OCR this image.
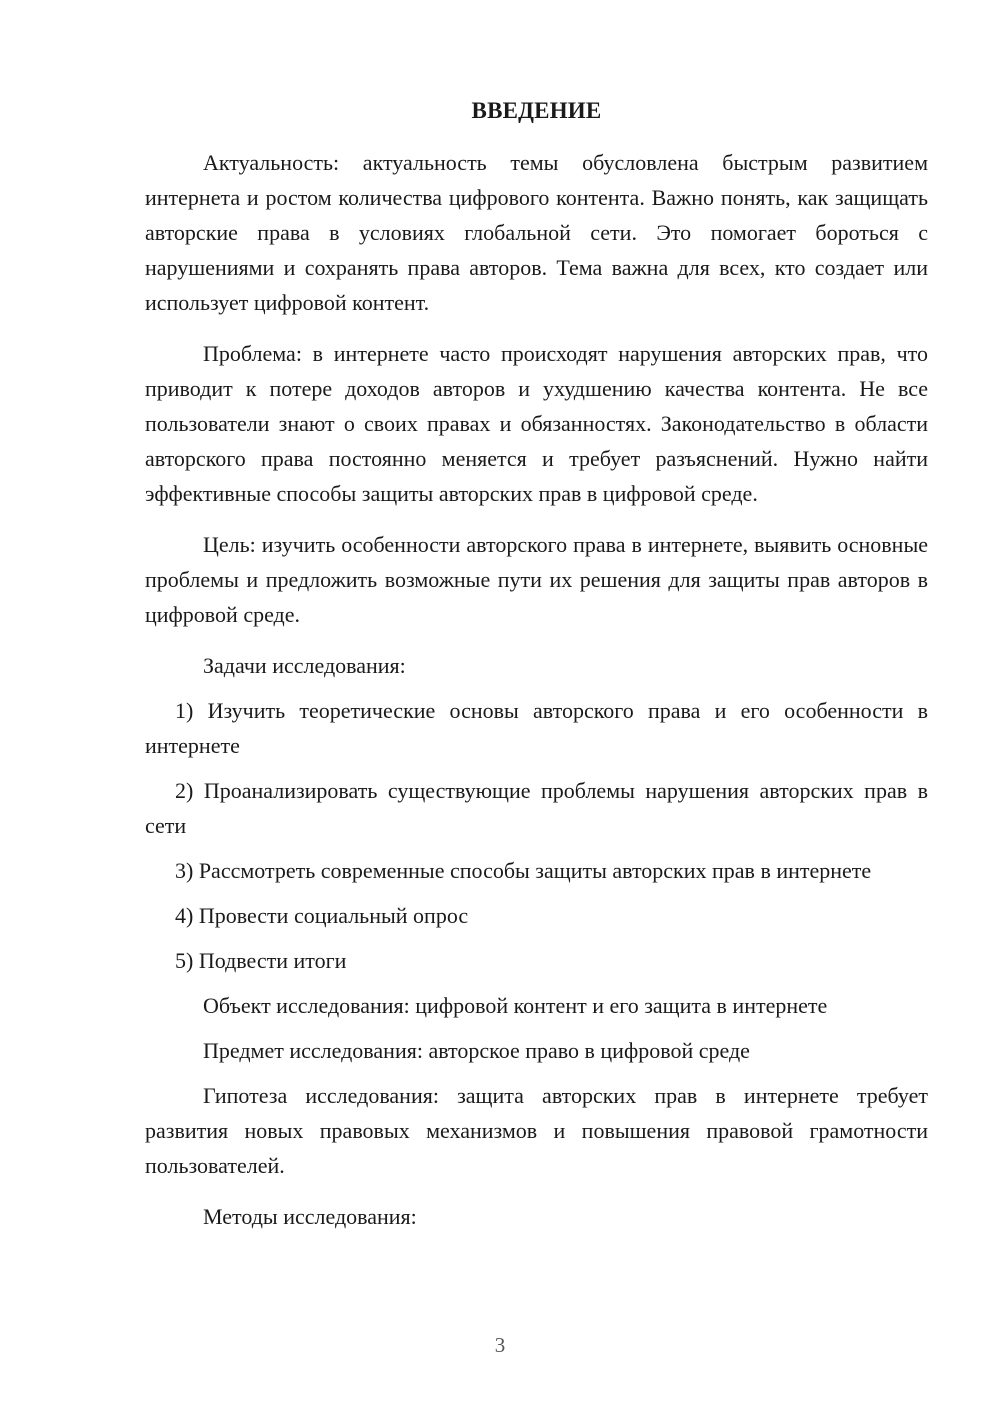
ВВЕДЕНИЕ

Актуальность: актуальность темы обусловлена быстрым развитием интернета и ростом количества цифрового контента. Важно понять, как защищать авторские права в условиях глобальной сети. Это помогает бороться с нарушениями и сохранять права авторов. Тема важна для всех, кто создает или использует цифровой контент.

Проблема: в интернете часто происходят нарушения авторских прав, что приводит к потере доходов авторов и ухудшению качества контента. Не все пользователи знают о своих правах и обязанностях. Законодательство в области авторского права постоянно меняется и требует разъяснений. Нужно найти эффективные способы защиты авторских прав в цифровой среде.

Цель: изучить особенности авторского права в интернете, выявить основные проблемы и предложить возможные пути их решения для защиты прав авторов в цифровой среде.

Задачи исследования:

1) Изучить теоретические основы авторского права и его особенности в интернете

2) Проанализировать существующие проблемы нарушения авторских прав в сети

3) Рассмотреть современные способы защиты авторских прав в интернете

4) Провести социальный опрос
5) Подвести итоги
Объект исследования: цифровой контент и его защита в интернете
Предмет исследования: авторское право в цифровой среде

Гипотеза исследования: защита авторских прав в интернете требует развития новых правовых механизмов и повышения правовой грамотности пользователей.

Методы исследования:
3
